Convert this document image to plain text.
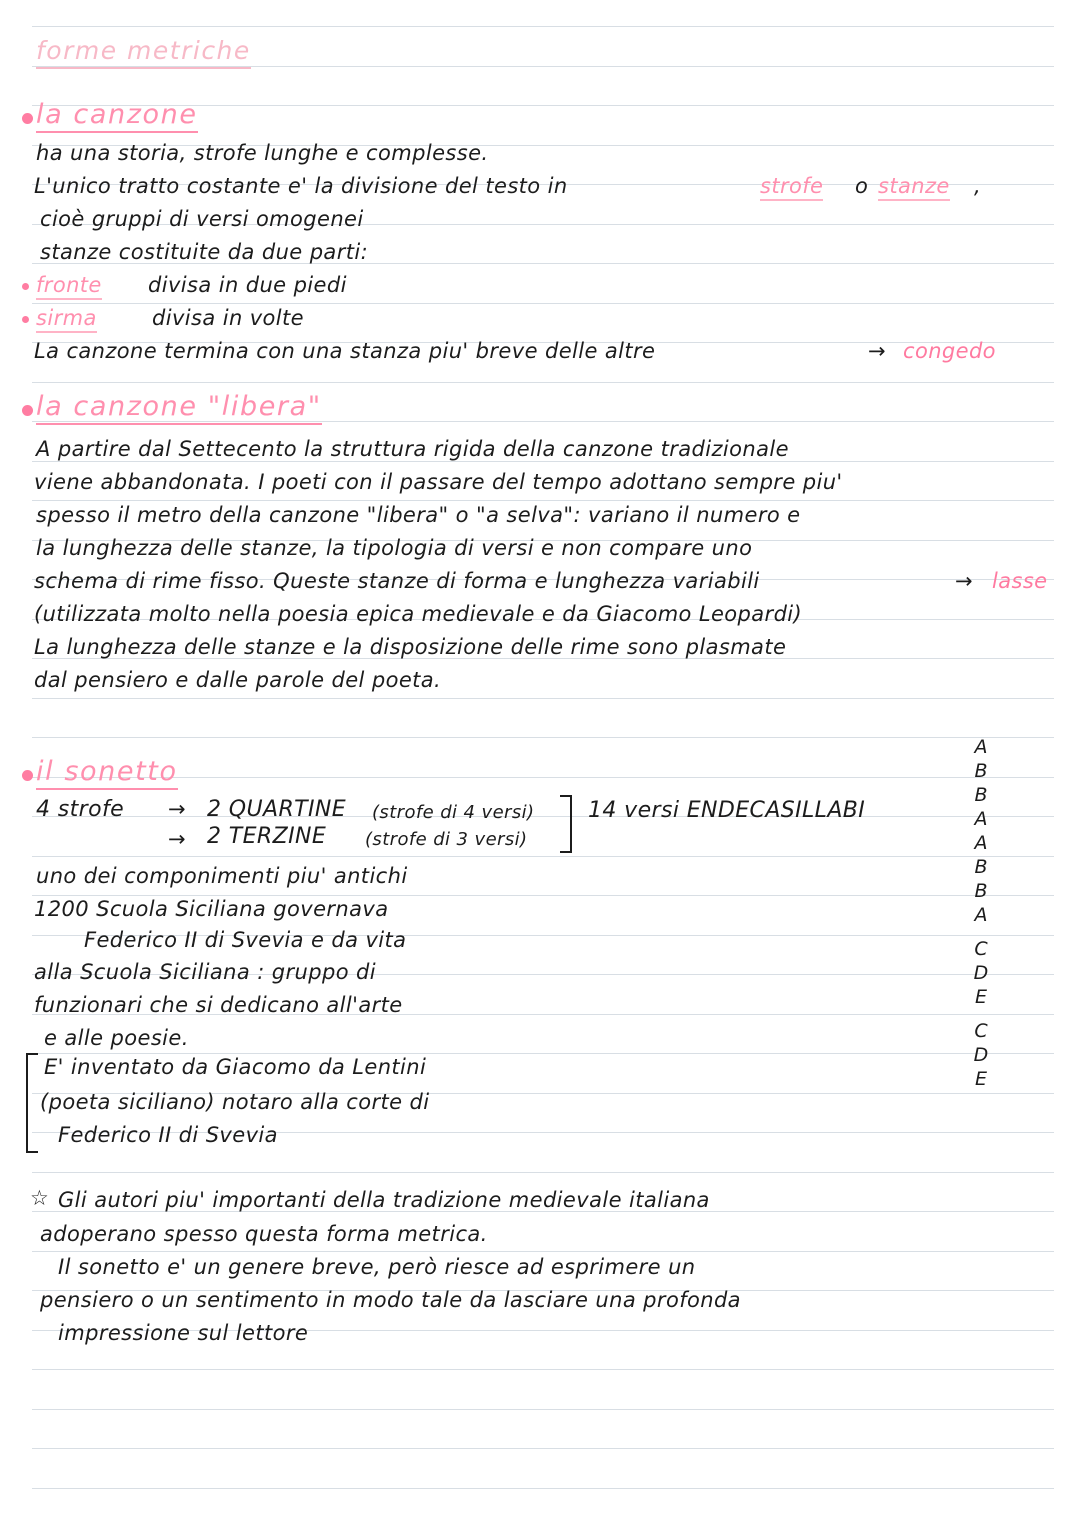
forme metriche
la canzone
ha una storia, strofe lunghe e complesse.
L'unico tratto costante e' la divisione del testo in	strofe o stanze ,
cioè gruppi di versi omogenei
stanze costituite da due parti:
fronte divisa in due piedi
sirma	divisa in volte
La canzone termina con una stanza piu' breve delle altre	→ congedo
la canzone "libera"
A partire dal Settecento la struttura rigida della canzone tradizionale
viene abbandonata. I poeti con il passare del tempo adottano sempre piu'
spesso il metro della canzone "libera" o "a selva": variano il numero e
la lunghezza delle stanze, la tipologia di versi e non compare uno
schema di rime fisso. Queste stanze di forma e lunghezza variabili	→ lasse
(utilizzata molto nella poesia epica medievale e da Giacomo Leopardi)
La lunghezza delle stanze e la disposizione delle rime sono plasmate
dal pensiero e dalle parole del poeta.
il sonetto
4 strofe → 2 QUARTINE (strofe di 4 versi)
→ 2 TERZINE (strofe di 3 versi)
14 versi ENDECASILLABI
uno dei componimenti piu' antichi
1200 Scuola Siciliana governava
Federico II di Svevia e da vita
alla Scuola Siciliana : gruppo di
funzionari che si dedicano all'arte
e alle poesie.
E' inventato da Giacomo da Lentini
(poeta siciliano) notaro alla corte di
Federico II di Svevia
☆ Gli autori piu' importanti della tradizione medievale italiana
adoperano spesso questa forma metrica.
Il sonetto e' un genere breve, però riesce ad esprimere un
pensiero o un sentimento in modo tale da lasciare una profonda
impressione sul lettore
A
B
B
A
A
B
B
A
C
D
E
C
D
E
